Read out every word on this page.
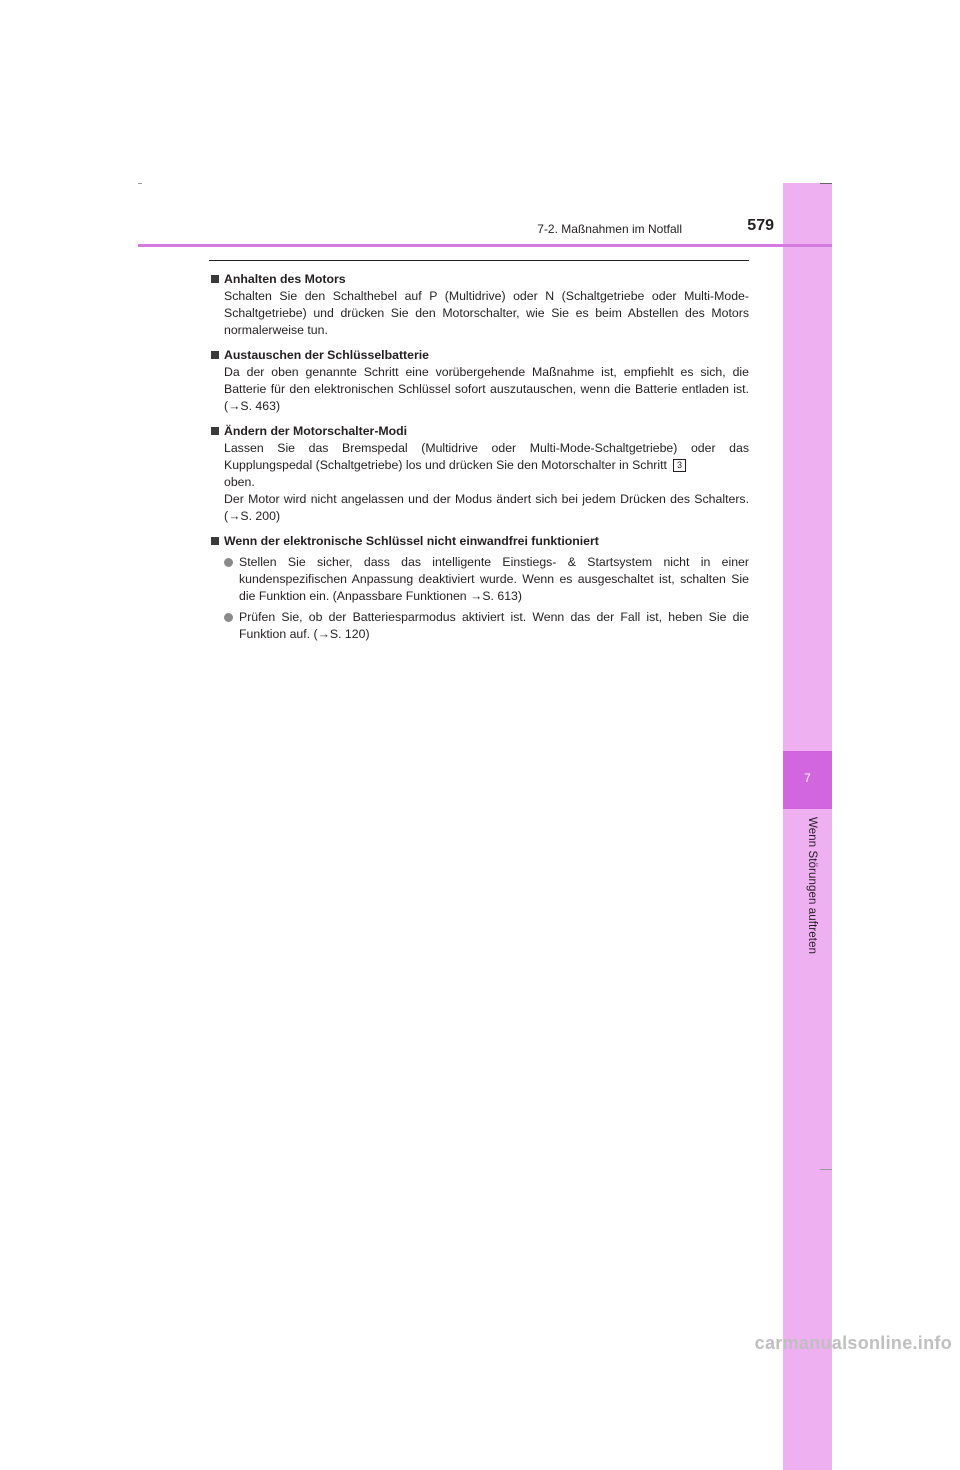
7
Wenn Störungen auftreten
7-2. Maßnahmen im Notfall	579
Anhalten des Motors
Schalten Sie den Schalthebel auf P (Multidrive) oder N (Schaltgetriebe oder Multi-Mode-Schaltgetriebe) und drücken Sie den Motorschalter, wie Sie es beim Abstellen des Motors normalerweise tun.
Austauschen der Schlüsselbatterie
Da der oben genannte Schritt eine vorübergehende Maßnahme ist, empfiehlt es sich, die Batterie für den elektronischen Schlüssel sofort auszutauschen, wenn die Batterie entladen ist. (→S. 463)
Ändern der Motorschalter-Modi
Lassen Sie das Bremspedal (Multidrive oder Multi-Mode-Schaltgetriebe) oder das Kupplungspedal (Schaltgetriebe) los und drücken Sie den Motorschalter in Schritt 3
oben.
Der Motor wird nicht angelassen und der Modus ändert sich bei jedem Drücken des Schalters. (→S. 200)
Wenn der elektronische Schlüssel nicht einwandfrei funktioniert
Stellen Sie sicher, dass das intelligente Einstiegs- & Startsystem nicht in einer kundenspezifischen Anpassung deaktiviert wurde. Wenn es ausgeschaltet ist, schalten Sie die Funktion ein. (Anpassbare Funktionen →S. 613)
Prüfen Sie, ob der Batteriesparmodus aktiviert ist. Wenn das der Fall ist, heben Sie die Funktion auf. (→S. 120)
carmanualsonline.info
